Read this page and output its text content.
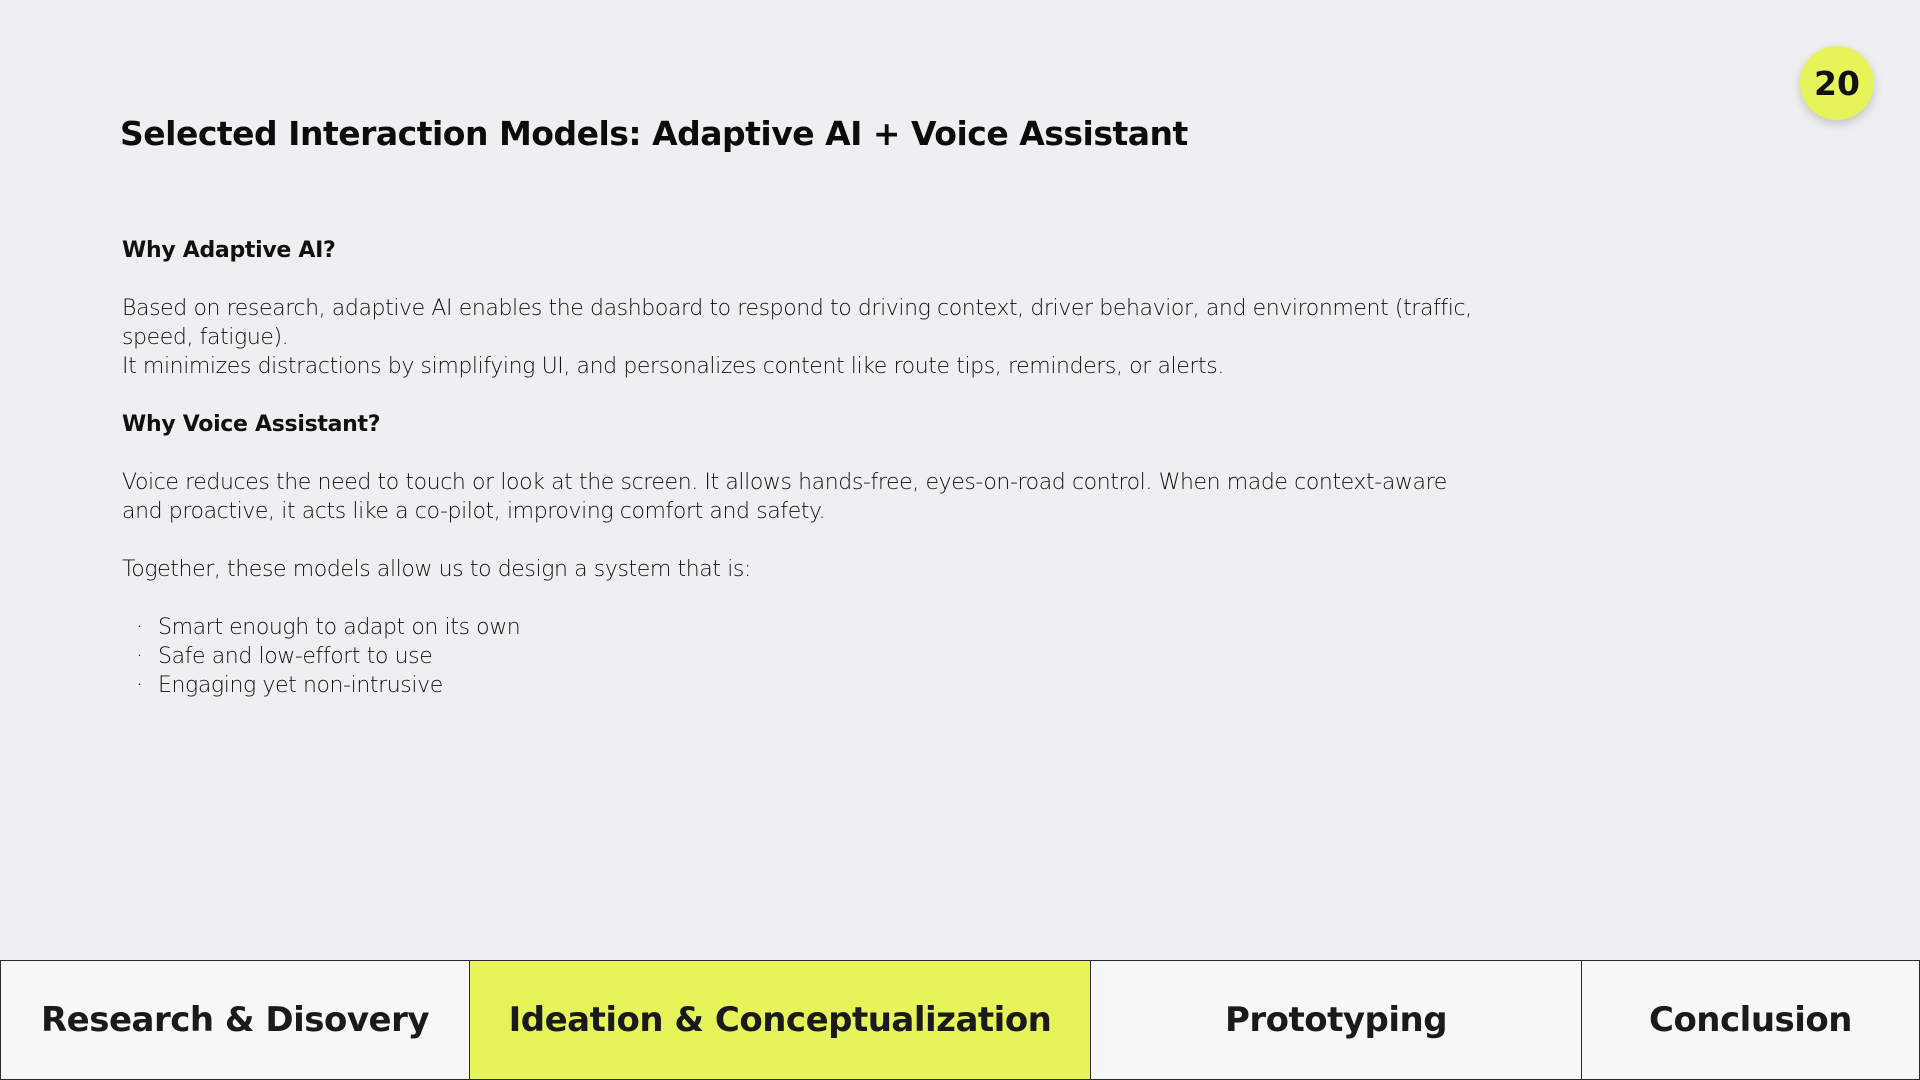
20
Selected Interaction Models: Adaptive AI + Voice Assistant

Why Adaptive AI?

Based on research, adaptive AI enables the dashboard to respond to driving context, driver behavior, and environment (traffic, speed, fatigue).

It minimizes distractions by simplifying UI, and personalizes content like route tips, reminders, or alerts.

Why Voice Assistant?

Voice reduces the need to touch or look at the screen. It allows hands-free, eyes-on-road control. When made context-aware and proactive, it acts like a co-pilot, improving comfort and safety.

Together, these models allow us to design a system that is:

· Smart enough to adapt on its own
· Safe and low-effort to use
· Engaging yet non-intrusive
Research & Disovery	Ideation & Conceptualization	Prototyping	Conclusion
